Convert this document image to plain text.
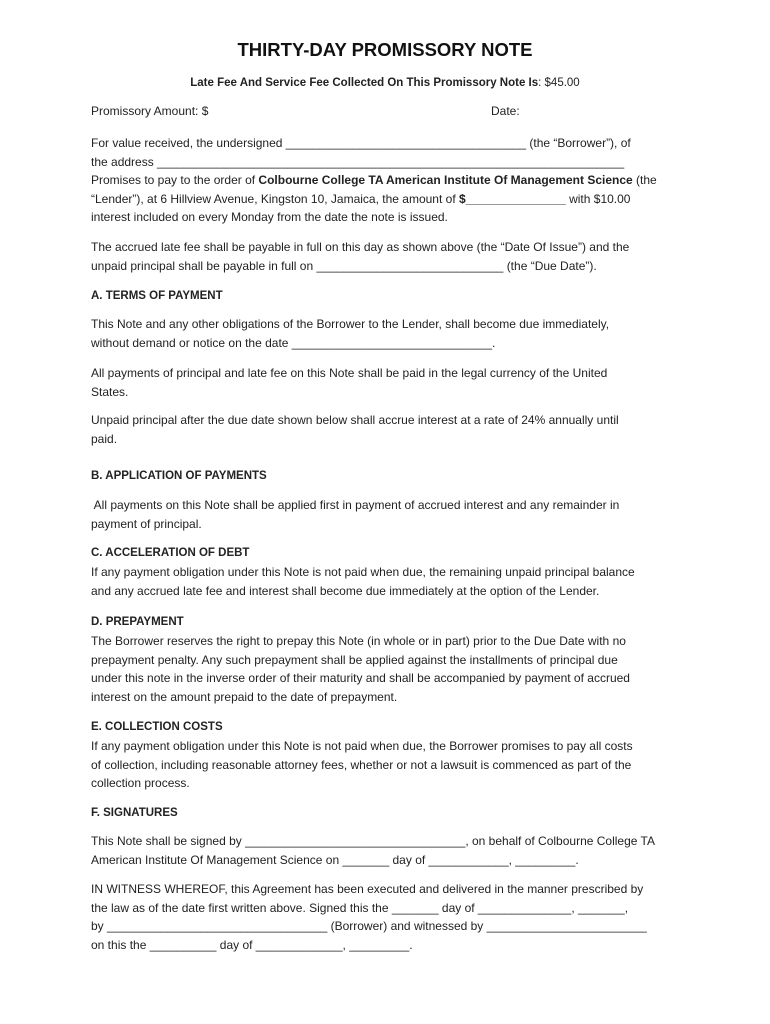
THIRTY-DAY PROMISSORY NOTE
Late Fee And Service Fee Collected On This Promissory Note Is: $45.00
Promissory Amount: $	Date:

For value received, the undersigned ____________________________________ (the “Borrower”), of

the address ______________________________________________________________________

Promises to pay to the order of Colbourne College TA American Institute Of Management Science (the

“Lender”), at 6 Hillview Avenue, Kingston 10, Jamaica, the amount of $_______________ with $10.00

interest included on every Monday from the date the note is issued.

The accrued late fee shall be payable in full on this day as shown above (the “Date Of Issue”) and the

unpaid principal shall be payable in full on ____________________________ (the “Due Date”).

A. TERMS OF PAYMENT

This Note and any other obligations of the Borrower to the Lender, shall become due immediately,

without demand or notice on the date ______________________________.

All payments of principal and late fee on this Note shall be paid in the legal currency of the United

States.

Unpaid principal after the due date shown below shall accrue interest at a rate of 24% annually until

paid.

B. APPLICATION OF PAYMENTS

All payments on this Note shall be applied first in payment of accrued interest and any remainder in

payment of principal.

C. ACCELERATION OF DEBT

If any payment obligation under this Note is not paid when due, the remaining unpaid principal balance

and any accrued late fee and interest shall become due immediately at the option of the Lender.

D. PREPAYMENT

The Borrower reserves the right to prepay this Note (in whole or in part) prior to the Due Date with no

prepayment penalty. Any such prepayment shall be applied against the installments of principal due

under this note in the inverse order of their maturity and shall be accompanied by payment of accrued

interest on the amount prepaid to the date of prepayment.

E. COLLECTION COSTS

If any payment obligation under this Note is not paid when due, the Borrower promises to pay all costs

of collection, including reasonable attorney fees, whether or not a lawsuit is commenced as part of the

collection process.

F. SIGNATURES

This Note shall be signed by _________________________________, on behalf of Colbourne College TA

American Institute Of Management Science on _______ day of ____________, _________.

IN WITNESS WHEREOF, this Agreement has been executed and delivered in the manner prescribed by

the law as of the date first written above. Signed this the _______ day of ______________, _______,

by _________________________________ (Borrower) and witnessed by ________________________

on this the __________ day of _____________, _________.
